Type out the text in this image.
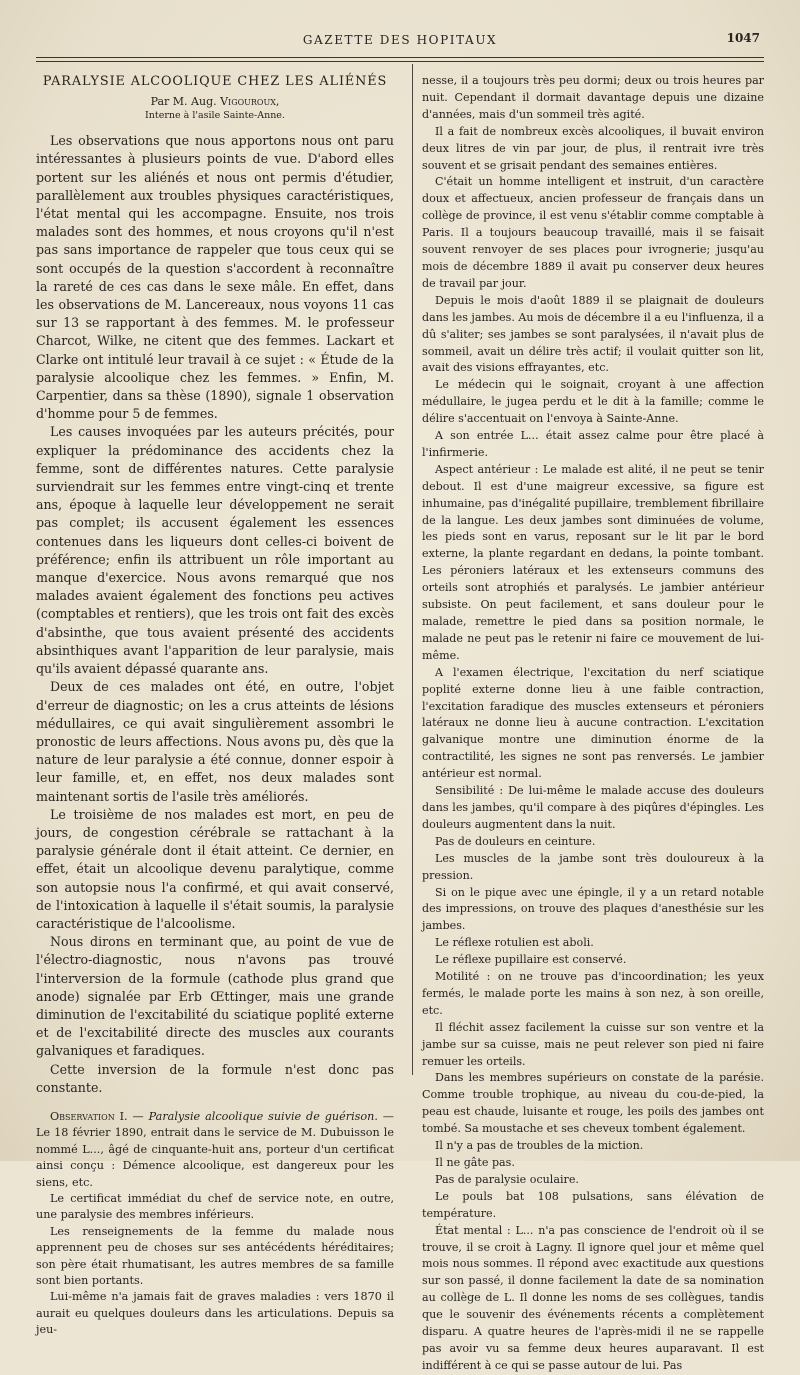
GAZETTE DES HOPITAUX	1047
PARALYSIE ALCOOLIQUE CHEZ LES ALIÉNÉS
Par M. Aug. Vigouroux,
Interne à l'asile Sainte-Anne.

Les observations que nous apportons nous ont paru intéressantes à plusieurs points de vue. D'abord elles portent sur les aliénés et nous ont permis d'étudier, parallèlement aux troubles physiques caractéristiques, l'état mental qui les accompagne. Ensuite, nos trois malades sont des hommes, et nous croyons qu'il n'est pas sans importance de rappeler que tous ceux qui se sont occupés de la question s'accordent à reconnaître la rareté de ces cas dans le sexe mâle. En effet, dans les observations de M. Lancereaux, nous voyons 11 cas sur 13 se rapportant à des femmes. M. le professeur Charcot, Wilke, ne citent que des femmes. Lackart et Clarke ont intitulé leur travail à ce sujet : « Étude de la paralysie alcoolique chez les femmes. » Enfin, M. Carpentier, dans sa thèse (1890), signale 1 observation d'homme pour 5 de femmes.

Les causes invoquées par les auteurs précités, pour expliquer la prédominance des accidents chez la femme, sont de différentes natures. Cette paralysie surviendrait sur les femmes entre vingt-cinq et trente ans, époque à laquelle leur développement ne serait pas complet; ils accusent également les essences contenues dans les liqueurs dont celles-ci boivent de préférence; enfin ils attribuent un rôle important au manque d'exercice. Nous avons remarqué que nos malades avaient également des fonctions peu actives (comptables et rentiers), que les trois ont fait des excès d'absinthe, que tous avaient présenté des accidents absinthiques avant l'apparition de leur paralysie, mais qu'ils avaient dépassé quarante ans.

Deux de ces malades ont été, en outre, l'objet d'erreur de diagnostic; on les a crus atteints de lésions médullaires, ce qui avait singulièrement assombri le pronostic de leurs affections. Nous avons pu, dès que la nature de leur paralysie a été connue, donner espoir à leur famille, et, en effet, nos deux malades sont maintenant sortis de l'asile très améliorés.

Le troisième de nos malades est mort, en peu de jours, de congestion cérébrale se rattachant à la paralysie générale dont il était atteint. Ce dernier, en effet, était un alcoolique devenu paralytique, comme son autopsie nous l'a confirmé, et qui avait conservé, de l'intoxication à laquelle il s'était soumis, la paralysie caractéristique de l'alcoolisme.

Nous dirons en terminant que, au point de vue de l'électro-diagnostic, nous n'avons pas trouvé l'interversion de la formule (cathode plus grand que anode) signalée par Erb Œttinger, mais une grande diminution de l'excitabilité du sciatique poplité externe et de l'excitabilité directe des muscles aux courants galvaniques et faradiques.

Cette inversion de la formule n'est donc pas constante.

Observation I. — Paralysie alcoolique suivie de guérison. — Le 18 février 1890, entrait dans le service de M. Dubuisson le nommé L..., âgé de cinquante-huit ans, porteur d'un certificat ainsi conçu : Démence alcoolique, est dangereux pour les siens, etc.

Le certificat immédiat du chef de service note, en outre, une paralysie des membres inférieurs.

Les renseignements de la femme du malade nous apprennent peu de choses sur ses antécédents héréditaires; son père était rhumatisant, les autres membres de sa famille sont bien portants.

Lui-même n'a jamais fait de graves maladies : vers 1870 il aurait eu quelques douleurs dans les articulations. Depuis sa jeu-

nesse, il a toujours très peu dormi; deux ou trois heures par nuit. Cependant il dormait davantage depuis une dizaine d'années, mais d'un sommeil très agité.

Il a fait de nombreux excès alcooliques, il buvait environ deux litres de vin par jour, de plus, il rentrait ivre très souvent et se grisait pendant des semaines entières.

C'était un homme intelligent et instruit, d'un caractère doux et affectueux, ancien professeur de français dans un collège de province, il est venu s'établir comme comptable à Paris. Il a toujours beaucoup travaillé, mais il se faisait souvent renvoyer de ses places pour ivrognerie; jusqu'au mois de décembre 1889 il avait pu conserver deux heures de travail par jour.

Depuis le mois d'août 1889 il se plaignait de douleurs dans les jambes. Au mois de décembre il a eu l'influenza, il a dû s'aliter; ses jambes se sont paralysées, il n'avait plus de sommeil, avait un délire très actif; il voulait quitter son lit, avait des visions effrayantes, etc.

Le médecin qui le soignait, croyant à une affection médullaire, le jugea perdu et le dit à la famille; comme le délire s'accentuait on l'envoya à Sainte-Anne.

A son entrée L... était assez calme pour être placé à l'infirmerie.

Aspect antérieur : Le malade est alité, il ne peut se tenir debout. Il est d'une maigreur excessive, sa figure est inhumaine, pas d'inégalité pupillaire, tremblement fibrillaire de la langue. Les deux jambes sont diminuées de volume, les pieds sont en varus, reposant sur le lit par le bord externe, la plante regardant en dedans, la pointe tombant. Les péroniers latéraux et les extenseurs communs des orteils sont atrophiés et paralysés. Le jambier antérieur subsiste. On peut facilement, et sans douleur pour le malade, remettre le pied dans sa position normale, le malade ne peut pas le retenir ni faire ce mouvement de lui-même.

A l'examen électrique, l'excitation du nerf sciatique poplité externe donne lieu à une faible contraction, l'excitation faradique des muscles extenseurs et péroniers latéraux ne donne lieu à aucune contraction. L'excitation galvanique montre une diminution énorme de la contractilité, les signes ne sont pas renversés. Le jambier antérieur est normal.

Sensibilité : De lui-même le malade accuse des douleurs dans les jambes, qu'il compare à des piqûres d'épingles. Les douleurs augmentent dans la nuit.

Pas de douleurs en ceinture.

Les muscles de la jambe sont très douloureux à la pression.

Si on le pique avec une épingle, il y a un retard notable des impressions, on trouve des plaques d'anesthésie sur les jambes.

Le réflexe rotulien est aboli.

Le réflexe pupillaire est conservé.

Motilité : on ne trouve pas d'incoordination; les yeux fermés, le malade porte les mains à son nez, à son oreille, etc.

Il fléchit assez facilement la cuisse sur son ventre et la jambe sur sa cuisse, mais ne peut relever son pied ni faire remuer les orteils.

Dans les membres supérieurs on constate de la parésie. Comme trouble trophique, au niveau du cou-de-pied, la peau est chaude, luisante et rouge, les poils des jambes ont tombé. Sa moustache et ses cheveux tombent également.

Il n'y a pas de troubles de la miction.

Il ne gâte pas.

Pas de paralysie oculaire.

Le pouls bat 108 pulsations, sans élévation de température.

État mental : L... n'a pas conscience de l'endroit où il se trouve, il se croit à Lagny. Il ignore quel jour et même quel mois nous sommes. Il répond avec exactitude aux questions sur son passé, il donne facilement la date de sa nomination au collège de L. Il donne les noms de ses collègues, tandis que le souvenir des événements récents a complètement disparu. A quatre heures de l'après-midi il ne se rappelle pas avoir vu sa femme deux heures auparavant. Il est indifférent à ce qui se passe autour de lui. Pas
